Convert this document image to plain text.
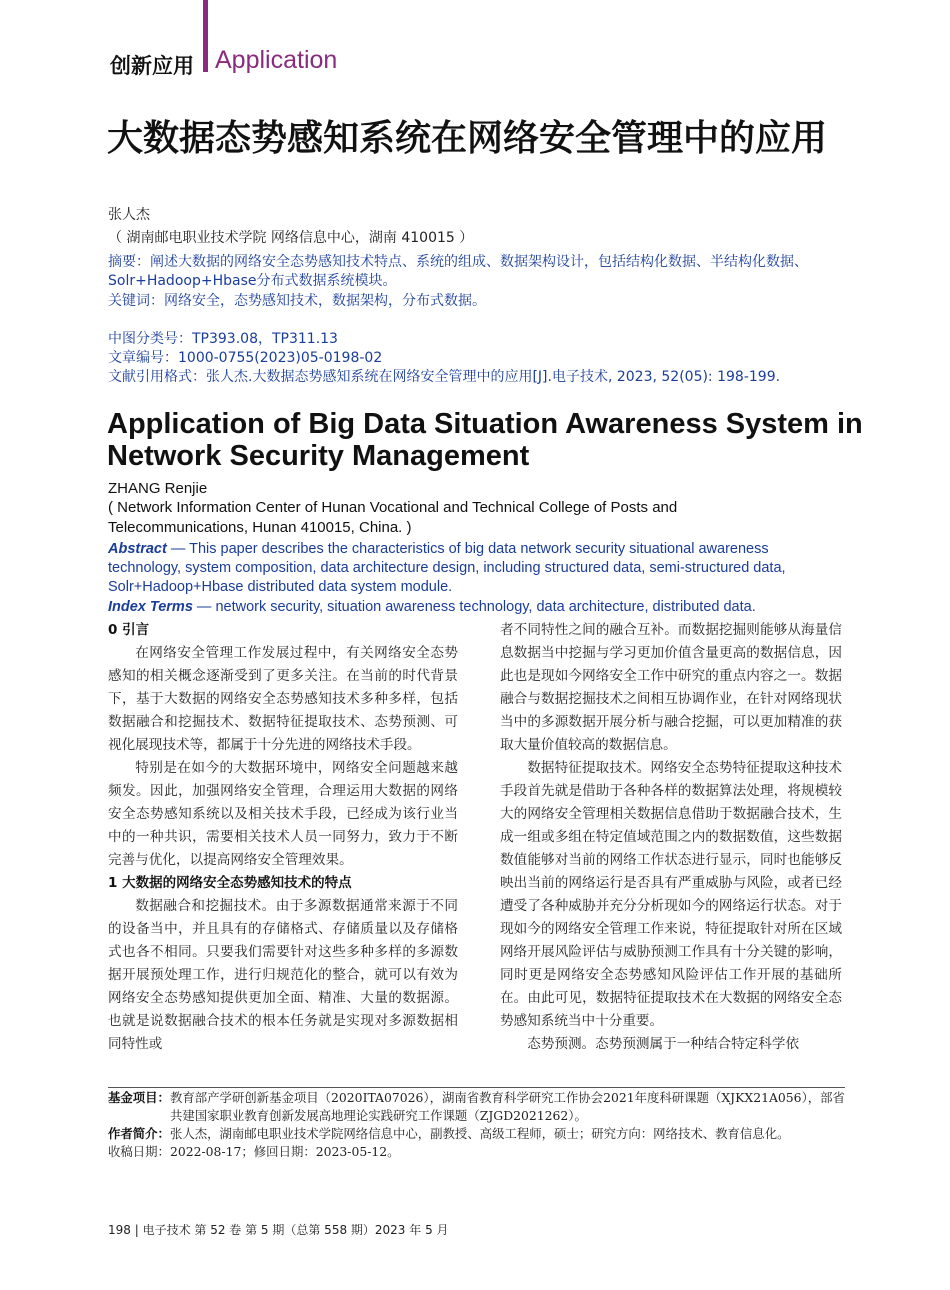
创新应用 Application
大数据态势感知系统在网络安全管理中的应用
张人杰
（ 湖南邮电职业技术学院 网络信息中心，湖南 410015 ）
摘要：阐述大数据的网络安全态势感知技术特点、系统的组成、数据架构设计，包括结构化数据、半结构化数据、Solr+Hadoop+Hbase分布式数据系统模块。
关键词：网络安全，态势感知技术，数据架构，分布式数据。
中图分类号：TP393.08，TP311.13
文章编号：1000-0755(2023)05-0198-02
文献引用格式：张人杰.大数据态势感知系统在网络安全管理中的应用[J].电子技术, 2023, 52(05): 198-199.
Application of Big Data Situation Awareness System in Network Security Management
ZHANG Renjie
( Network Information Center of Hunan Vocational and Technical College of Posts and Telecommunications, Hunan 410015, China. )
Abstract — This paper describes the characteristics of big data network security situational awareness technology, system composition, data architecture design, including structured data, semi-structured data, Solr+Hadoop+Hbase distributed data system module.
Index Terms — network security, situation awareness technology, data architecture, distributed data.
0 引言

在网络安全管理工作发展过程中，有关网络安全态势感知的相关概念逐渐受到了更多关注。在当前的时代背景下，基于大数据的网络安全态势感知技术多种多样，包括数据融合和挖掘技术、数据特征提取技术、态势预测、可视化展现技术等，都属于十分先进的网络技术手段。

特别是在如今的大数据环境中，网络安全问题越来越频发。因此，加强网络安全管理，合理运用大数据的网络安全态势感知系统以及相关技术手段，已经成为该行业当中的一种共识，需要相关技术人员一同努力，致力于不断完善与优化，以提高网络安全管理效果。

1 大数据的网络安全态势感知技术的特点

数据融合和挖掘技术。由于多源数据通常来源于不同的设备当中，并且具有的存储格式、存储质量以及存储格式也各不相同。只要我们需要针对这些多种多样的多源数据开展预处理工作，进行归规范化的整合，就可以有效为网络安全态势感知提供更加全面、精准、大量的数据源。也就是说数据融合技术的根本任务就是实现对多源数据相同特性或

者不同特性之间的融合互补。而数据挖掘则能够从海量信息数据当中挖掘与学习更加价值含量更高的数据信息，因此也是现如今网络安全工作中研究的重点内容之一。数据融合与数据挖掘技术之间相互协调作业，在针对网络现状当中的多源数据开展分析与融合挖掘，可以更加精准的获取大量价值较高的数据信息。

数据特征提取技术。网络安全态势特征提取这种技术手段首先就是借助于各种各样的数据算法处理，将规模较大的网络安全管理相关数据信息借助于数据融合技术，生成一组或多组在特定值域范围之内的数据数值，这些数据数值能够对当前的网络工作状态进行显示，同时也能够反映出当前的网络运行是否具有严重威胁与风险，或者已经遭受了各种威胁并充分分析现如今的网络运行状态。对于现如今的网络安全管理工作来说，特征提取针对所在区域网络开展风险评估与威胁预测工作具有十分关键的影响，同时更是网络安全态势感知风险评估工作开展的基础所在。由此可见，数据特征提取技术在大数据的网络安全态势感知系统当中十分重要。

态势预测。态势预测属于一种结合特定科学依

基金项目： 教育部产学研创新基金项目（2020ITA07026），湖南省教育科学研究工作协会2021年度科研课题（XJKX21A056），部省共建国家职业教育创新发展高地理论实践研究工作课题（ZJGD2021262）。
作者简介： 张人杰，湖南邮电职业技术学院网络信息中心，副教授、高级工程师，硕士；研究方向：网络技术、教育信息化。
收稿日期：2022-08-17；修回日期：2023-05-12。
198 | 电子技术 第 52 卷 第 5 期（总第 558 期）2023 年 5 月
